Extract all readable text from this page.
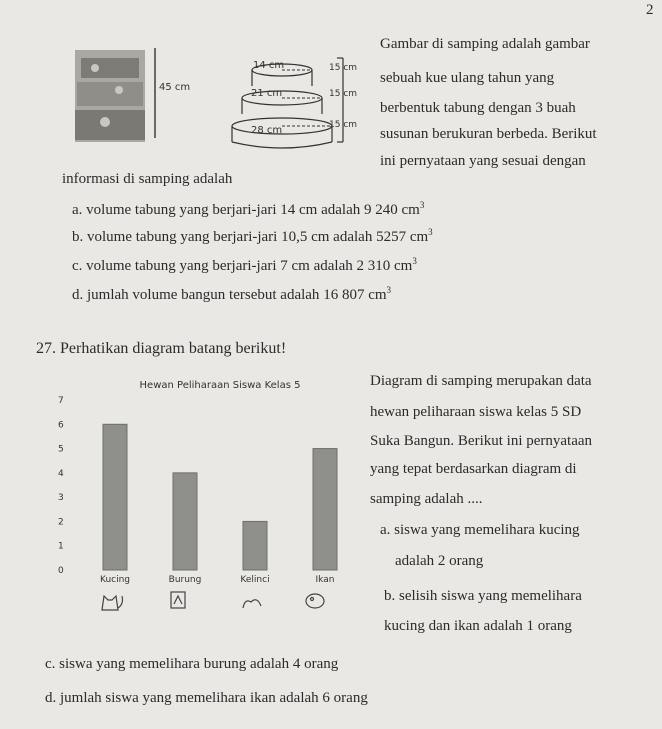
2
45 cm
14 cm
21 cm
28 cm
15 cm
15 cm
15 cm
Gambar di samping adalah gambar
sebuah kue ulang tahun yang
berbentuk tabung dengan 3 buah
susunan berukuran berbeda. Berikut
ini pernyataan yang sesuai dengan
informasi di samping adalah
a. volume tabung yang berjari-jari 14 cm adalah 9 240 $cm^3$
b. volume tabung yang berjari-jari 10,5 cm adalah 5257 $cm^3$
c. volume tabung yang berjari-jari 7 cm adalah 2 310 $cm^3$
d. jumlah volume bangun tersebut adalah 16 807 $cm^3$
27. Perhatikan diagram batang berikut!
Hewan Peliharaan Siswa Kelas 5
0
1
2
3
4
5
6
7
Kucing	Burung	Kelinci	Ikan
Diagram di samping merupakan data
hewan peliharaan siswa kelas 5 SD
Suka Bangun. Berikut ini pernyataan
yang tepat berdasarkan diagram di
samping adalah ....
a. siswa yang memelihara kucing
adalah 2 orang
b. selisih siswa yang memelihara
kucing dan ikan adalah 1 orang
c. siswa yang memelihara burung adalah 4 orang
d. jumlah siswa yang memelihara ikan adalah 6 orang
